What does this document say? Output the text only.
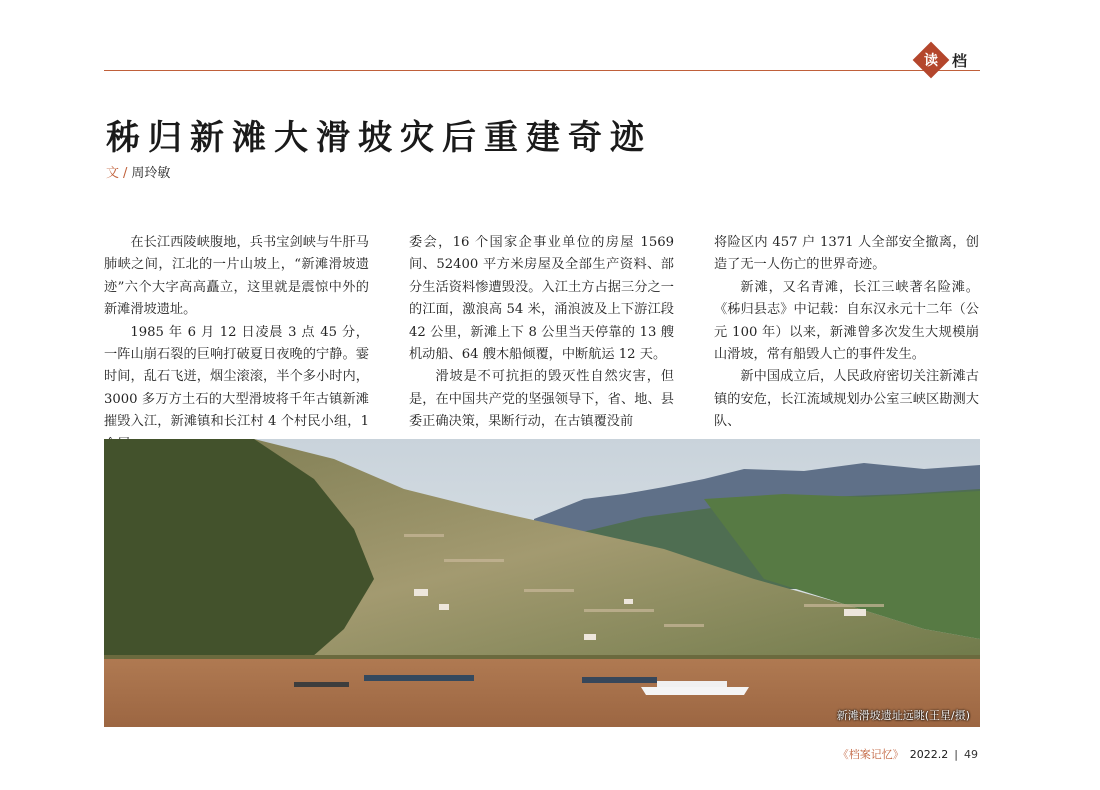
读 档
秭归新滩大滑坡灾后重建奇迹
文 / 周玲敏

在长江西陵峡腹地，兵书宝剑峡与牛肝马肺峡之间，江北的一片山坡上，“新滩滑坡遗迹”六个大字高高矗立，这里就是震惊中外的新滩滑坡遗址。

1985 年 6 月 12 日凌晨 3 点 45 分，一阵山崩石裂的巨响打破夏日夜晚的宁静。霎时间，乱石飞迸，烟尘滚滚，半个多小时内，3000 多万方土石的大型滑坡将千年古镇新滩摧毁入江，新滩镇和长江村 4 个村民小组，1

委会，16 个国家企事业单位的房屋 1569 间、52400 平方米房屋及全部生产资料、部分生活资料惨遭毁没。入江土方占据三分之一的江面，激浪高 54 米，涌浪波及上下游江段 42 公里，新滩上下 8 公里当天停靠的 13 艘机动船、64 艘木船倾覆，中断航运 12 天。

滑坡是不可抗拒的毁灭性自然灾害，但是，在中国共产党的坚强领导下，省、地、县委正确决策，果断行动，在古镇覆没前

将险区内 457 户 1371 人全部安全撤离，创造了无一人伤亡的世界奇迹。

新滩，又名青滩，长江三峡著名险滩。《秭归县志》中记载：自东汉永元十二年（公元 100 年）以来，新滩曾多次发生大规模崩山滑坡，常有船毁人亡的事件发生。

新中国成立后，人民政府密切关注新滩古镇的安危，长江流域规划办公室三峡区勘测大队、

新滩滑坡遗址远眺(王星/摄)
《档案记忆》 2022.2 | 49
